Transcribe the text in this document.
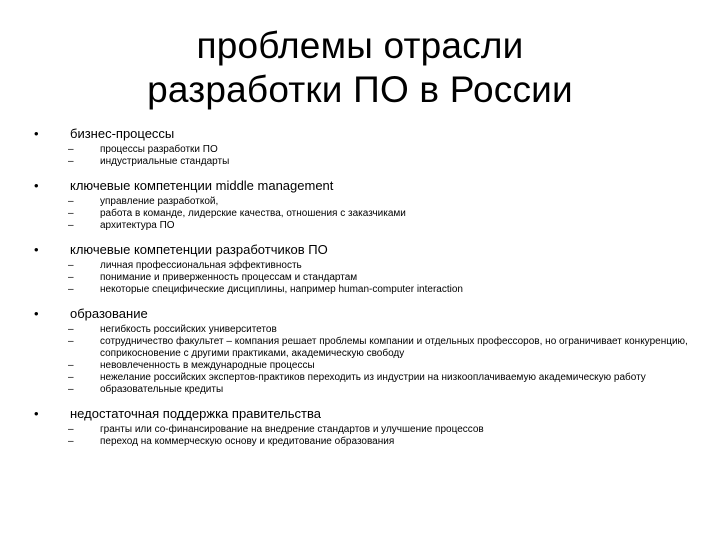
проблемы отрасли
разработки ПО в России
•	бизнес-процессы
–	процессы разработки ПО
–	индустриальные стандарты
•	ключевые компетенции middle management
–	управление разработкой,
–	работа в команде, лидерские качества, отношения с заказчиками
–	архитектура ПО
•	ключевые компетенции разработчиков ПО
–	личная профессиональная эффективность
–	понимание и приверженность процессам и стандартам
–	некоторые специфические дисциплины, например human-computer interaction
•	образование
–	негибкость российских университетов
–	сотрудничество факультет – компания решает проблемы компании и отдельных профессоров, но ограничивает конкуренцию, соприкосновение с другими практиками, академическую свободу
–	невовлеченность в международные процессы
–	нежелание российских экспертов-практиков переходить из индустрии на низкооплачиваемую академическую работу
–	образовательные кредиты
•	недостаточная поддержка правительства
–	гранты или со-финансирование на внедрение стандартов и улучшение процессов
–	переход на коммерческую основу и кредитование образования
